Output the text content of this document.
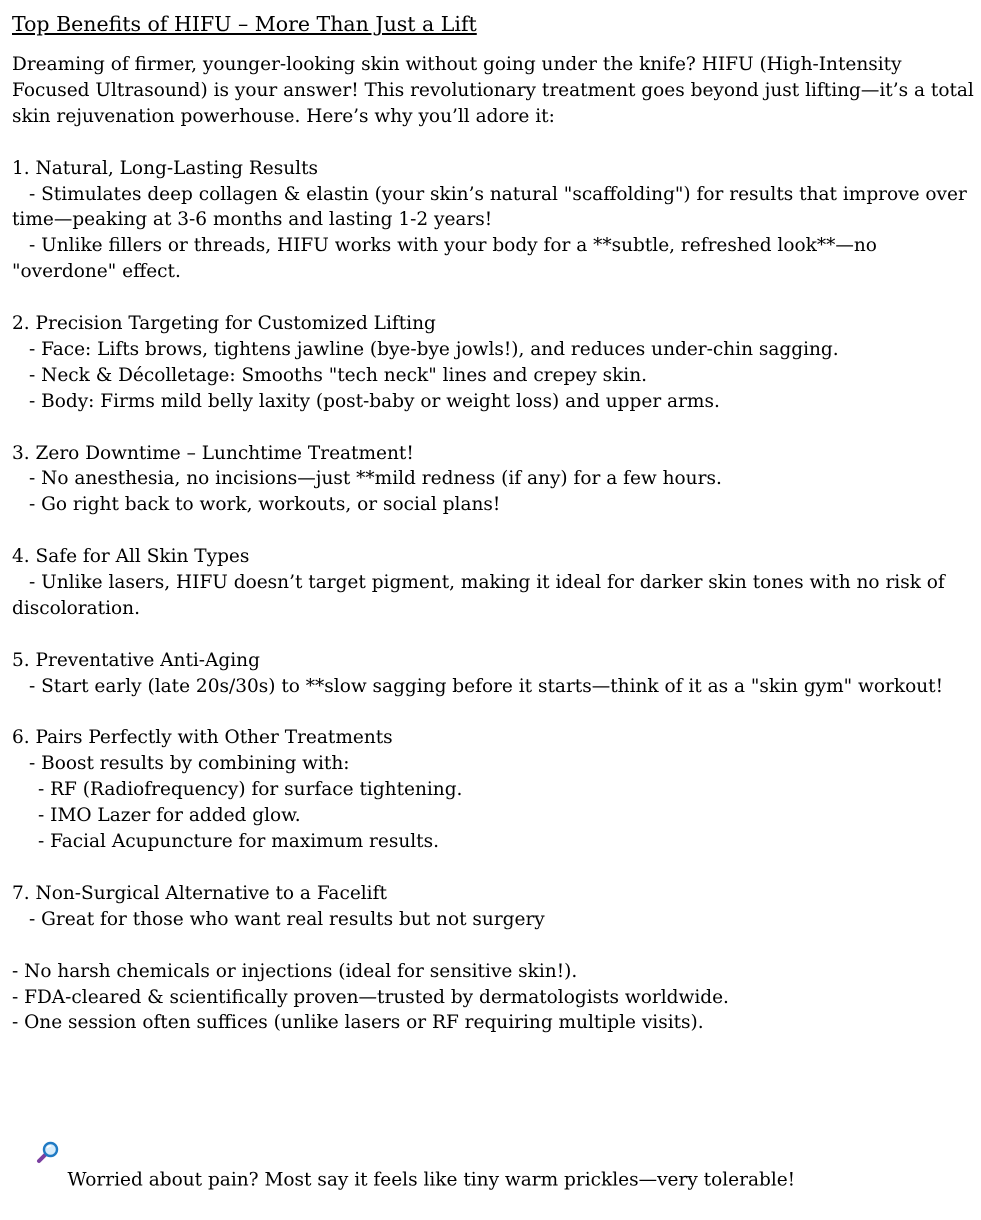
Top Benefits of HIFU – More Than Just a Lift
Dreaming of firmer, younger-looking skin without going under the knife? HIFU (High-Intensity
Focused Ultrasound) is your answer! This revolutionary treatment goes beyond just lifting—it’s a total
skin rejuvenation powerhouse. Here’s why you’ll adore it:
1. Natural, Long-Lasting Results
- Stimulates deep collagen & elastin (your skin’s natural "scaffolding") for results that improve over
time—peaking at 3-6 months and lasting 1-2 years!
- Unlike fillers or threads, HIFU works with your body for a **subtle, refreshed look**—no
"overdone" effect.
2. Precision Targeting for Customized Lifting
- Face: Lifts brows, tightens jawline (bye-bye jowls!), and reduces under-chin sagging.
- Neck & Décolletage: Smooths "tech neck" lines and crepey skin.
- Body: Firms mild belly laxity (post-baby or weight loss) and upper arms.
3. Zero Downtime – Lunchtime Treatment!
- No anesthesia, no incisions—just **mild redness (if any) for a few hours.
- Go right back to work, workouts, or social plans!
4. Safe for All Skin Types
- Unlike lasers, HIFU doesn’t target pigment, making it ideal for darker skin tones with no risk of
discoloration.
5. Preventative Anti-Aging
- Start early (late 20s/30s) to **slow sagging before it starts—think of it as a "skin gym" workout!
6. Pairs Perfectly with Other Treatments
- Boost results by combining with:
- RF (Radiofrequency) for surface tightening.
- IMO Lazer for added glow.
- Facial Acupuncture for maximum results.
7. Non-Surgical Alternative to a Facelift
- Great for those who want real results but not surgery
- No harsh chemicals or injections (ideal for sensitive skin!).
- FDA-cleared & scientifically proven—trusted by dermatologists worldwide.
- One session often suffices (unlike lasers or RF requiring multiple visits).

Worried about pain? Most say it feels like tiny warm prickles—very tolerable!
